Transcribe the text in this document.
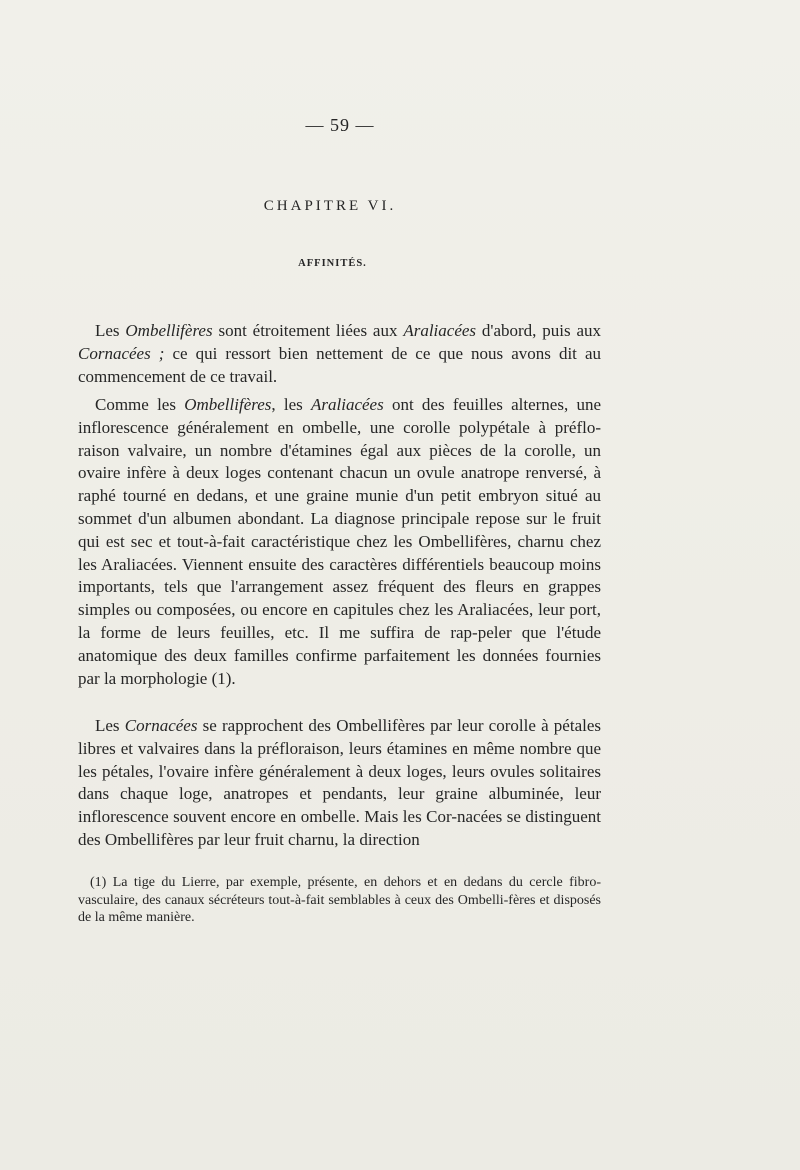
— 59 —
CHAPITRE VI.
AFFINITÉS.

Les Ombellifères sont étroitement liées aux Araliacées d'abord, puis aux Cornacées ; ce qui ressort bien nettement de ce que nous avons dit au commencement de ce travail.

Comme les Ombellifères, les Araliacées ont des feuilles alternes, une inflorescence généralement en ombelle, une corolle polypétale à préflo-raison valvaire, un nombre d'étamines égal aux pièces de la corolle, un ovaire infère à deux loges contenant chacun un ovule anatrope renversé, à raphé tourné en dedans, et une graine munie d'un petit embryon situé au sommet d'un albumen abondant. La diagnose principale repose sur le fruit qui est sec et tout-à-fait caractéristique chez les Ombellifères, charnu chez les Araliacées. Viennent ensuite des caractères différentiels beaucoup moins importants, tels que l'arrangement assez fréquent des fleurs en grappes simples ou composées, ou encore en capitules chez les Araliacées, leur port, la forme de leurs feuilles, etc. Il me suffira de rap-peler que l'étude anatomique des deux familles confirme parfaitement les données fournies par la morphologie (1).

Les Cornacées se rapprochent des Ombellifères par leur corolle à pétales libres et valvaires dans la préfloraison, leurs étamines en même nombre que les pétales, l'ovaire infère généralement à deux loges, leurs ovules solitaires dans chaque loge, anatropes et pendants, leur graine albuminée, leur inflorescence souvent encore en ombelle. Mais les Cor-nacées se distinguent des Ombellifères par leur fruit charnu, la direction

(1) La tige du Lierre, par exemple, présente, en dehors et en dedans du cercle fibro-vasculaire, des canaux sécréteurs tout-à-fait semblables à ceux des Ombelli-fères et disposés de la même manière.
